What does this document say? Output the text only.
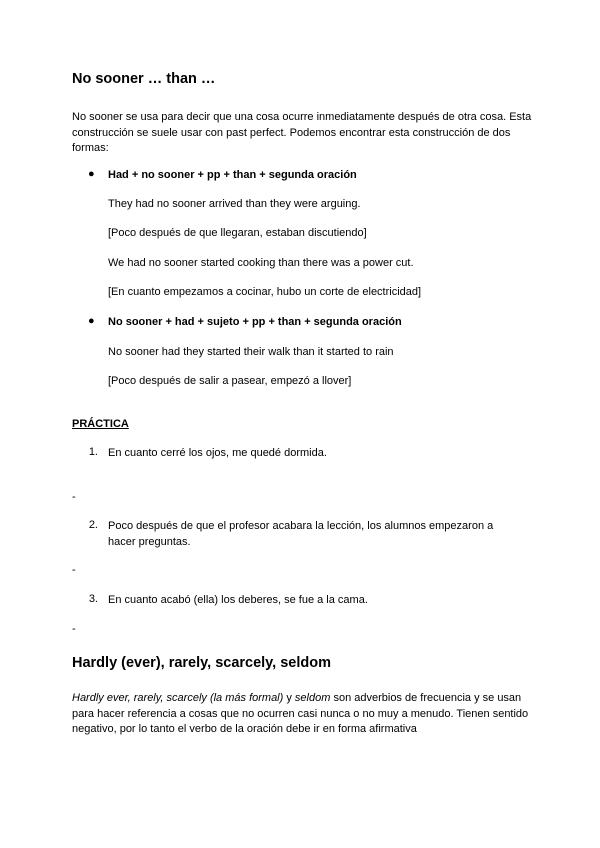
No sooner … than …
No sooner se usa para decir que una cosa ocurre inmediatamente después de otra cosa. Esta construcción se suele usar con past perfect. Podemos encontrar esta construcción de dos formas:
● Had + no sooner + pp + than + segunda oración
They had no sooner arrived than they were arguing.
[Poco después de que llegaran, estaban discutiendo]
We had no sooner started cooking than there was a power cut.
[En cuanto empezamos a cocinar, hubo un corte de electricidad]
● No sooner + had + sujeto + pp + than + segunda oración
No sooner had they started their walk than it started to rain
[Poco después de salir a pasear, empezó a llover]
PRÁCTICA
1. En cuanto cerré los ojos, me quedé dormida.
-
2. Poco después de que el profesor acabara la lección, los alumnos empezaron a hacer preguntas.
-
3. En cuanto acabó (ella) los deberes, se fue a la cama.
-
Hardly (ever), rarely, scarcely, seldom
Hardly ever, rarely, scarcely (la más formal) y seldom son adverbios de frecuencia y se usan para hacer referencia a cosas que no ocurren casi nunca o no muy a menudo. Tienen sentido negativo, por lo tanto el verbo de la oración debe ir en forma afirmativa
